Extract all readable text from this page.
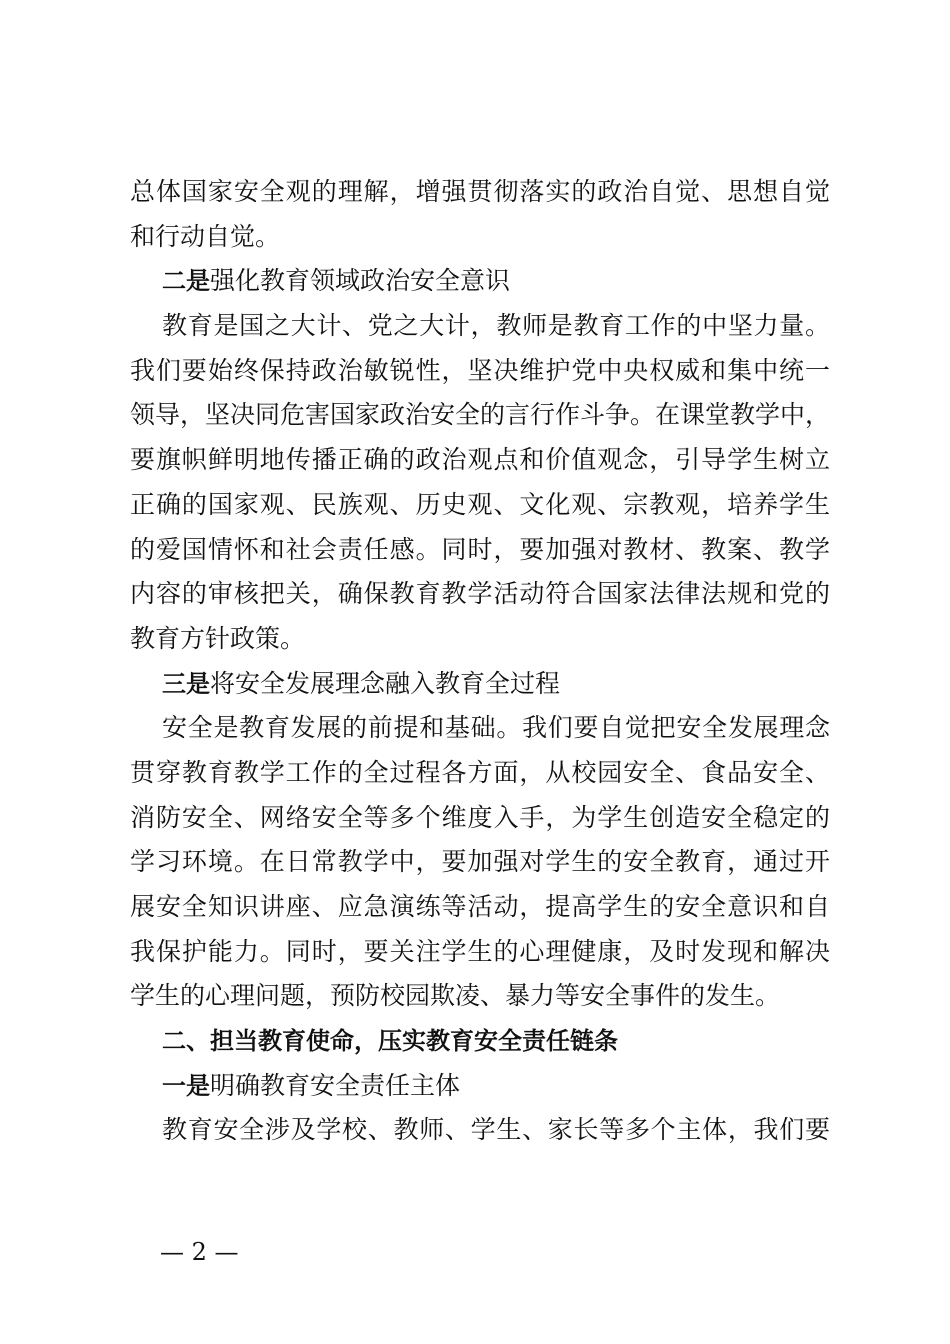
总体国家安全观的理解，增强贯彻落实的政治自觉、思想自觉
和行动自觉。
二是强化教育领域政治安全意识
教育是国之大计、党之大计，教师是教育工作的中坚力量。
我们要始终保持政治敏锐性，坚决维护党中央权威和集中统一
领导，坚决同危害国家政治安全的言行作斗争。在课堂教学中，
要旗帜鲜明地传播正确的政治观点和价值观念，引导学生树立
正确的国家观、民族观、历史观、文化观、宗教观，培养学生
的爱国情怀和社会责任感。同时，要加强对教材、教案、教学
内容的审核把关，确保教育教学活动符合国家法律法规和党的
教育方针政策。
三是将安全发展理念融入教育全过程
安全是教育发展的前提和基础。我们要自觉把安全发展理念
贯穿教育教学工作的全过程各方面，从校园安全、食品安全、
消防安全、网络安全等多个维度入手，为学生创造安全稳定的
学习环境。在日常教学中，要加强对学生的安全教育，通过开
展安全知识讲座、应急演练等活动，提高学生的安全意识和自
我保护能力。同时，要关注学生的心理健康，及时发现和解决
学生的心理问题，预防校园欺凌、暴力等安全事件的发生。
二、担当教育使命，压实教育安全责任链条
一是明确教育安全责任主体
教育安全涉及学校、教师、学生、家长等多个主体，我们要
— 2 —
